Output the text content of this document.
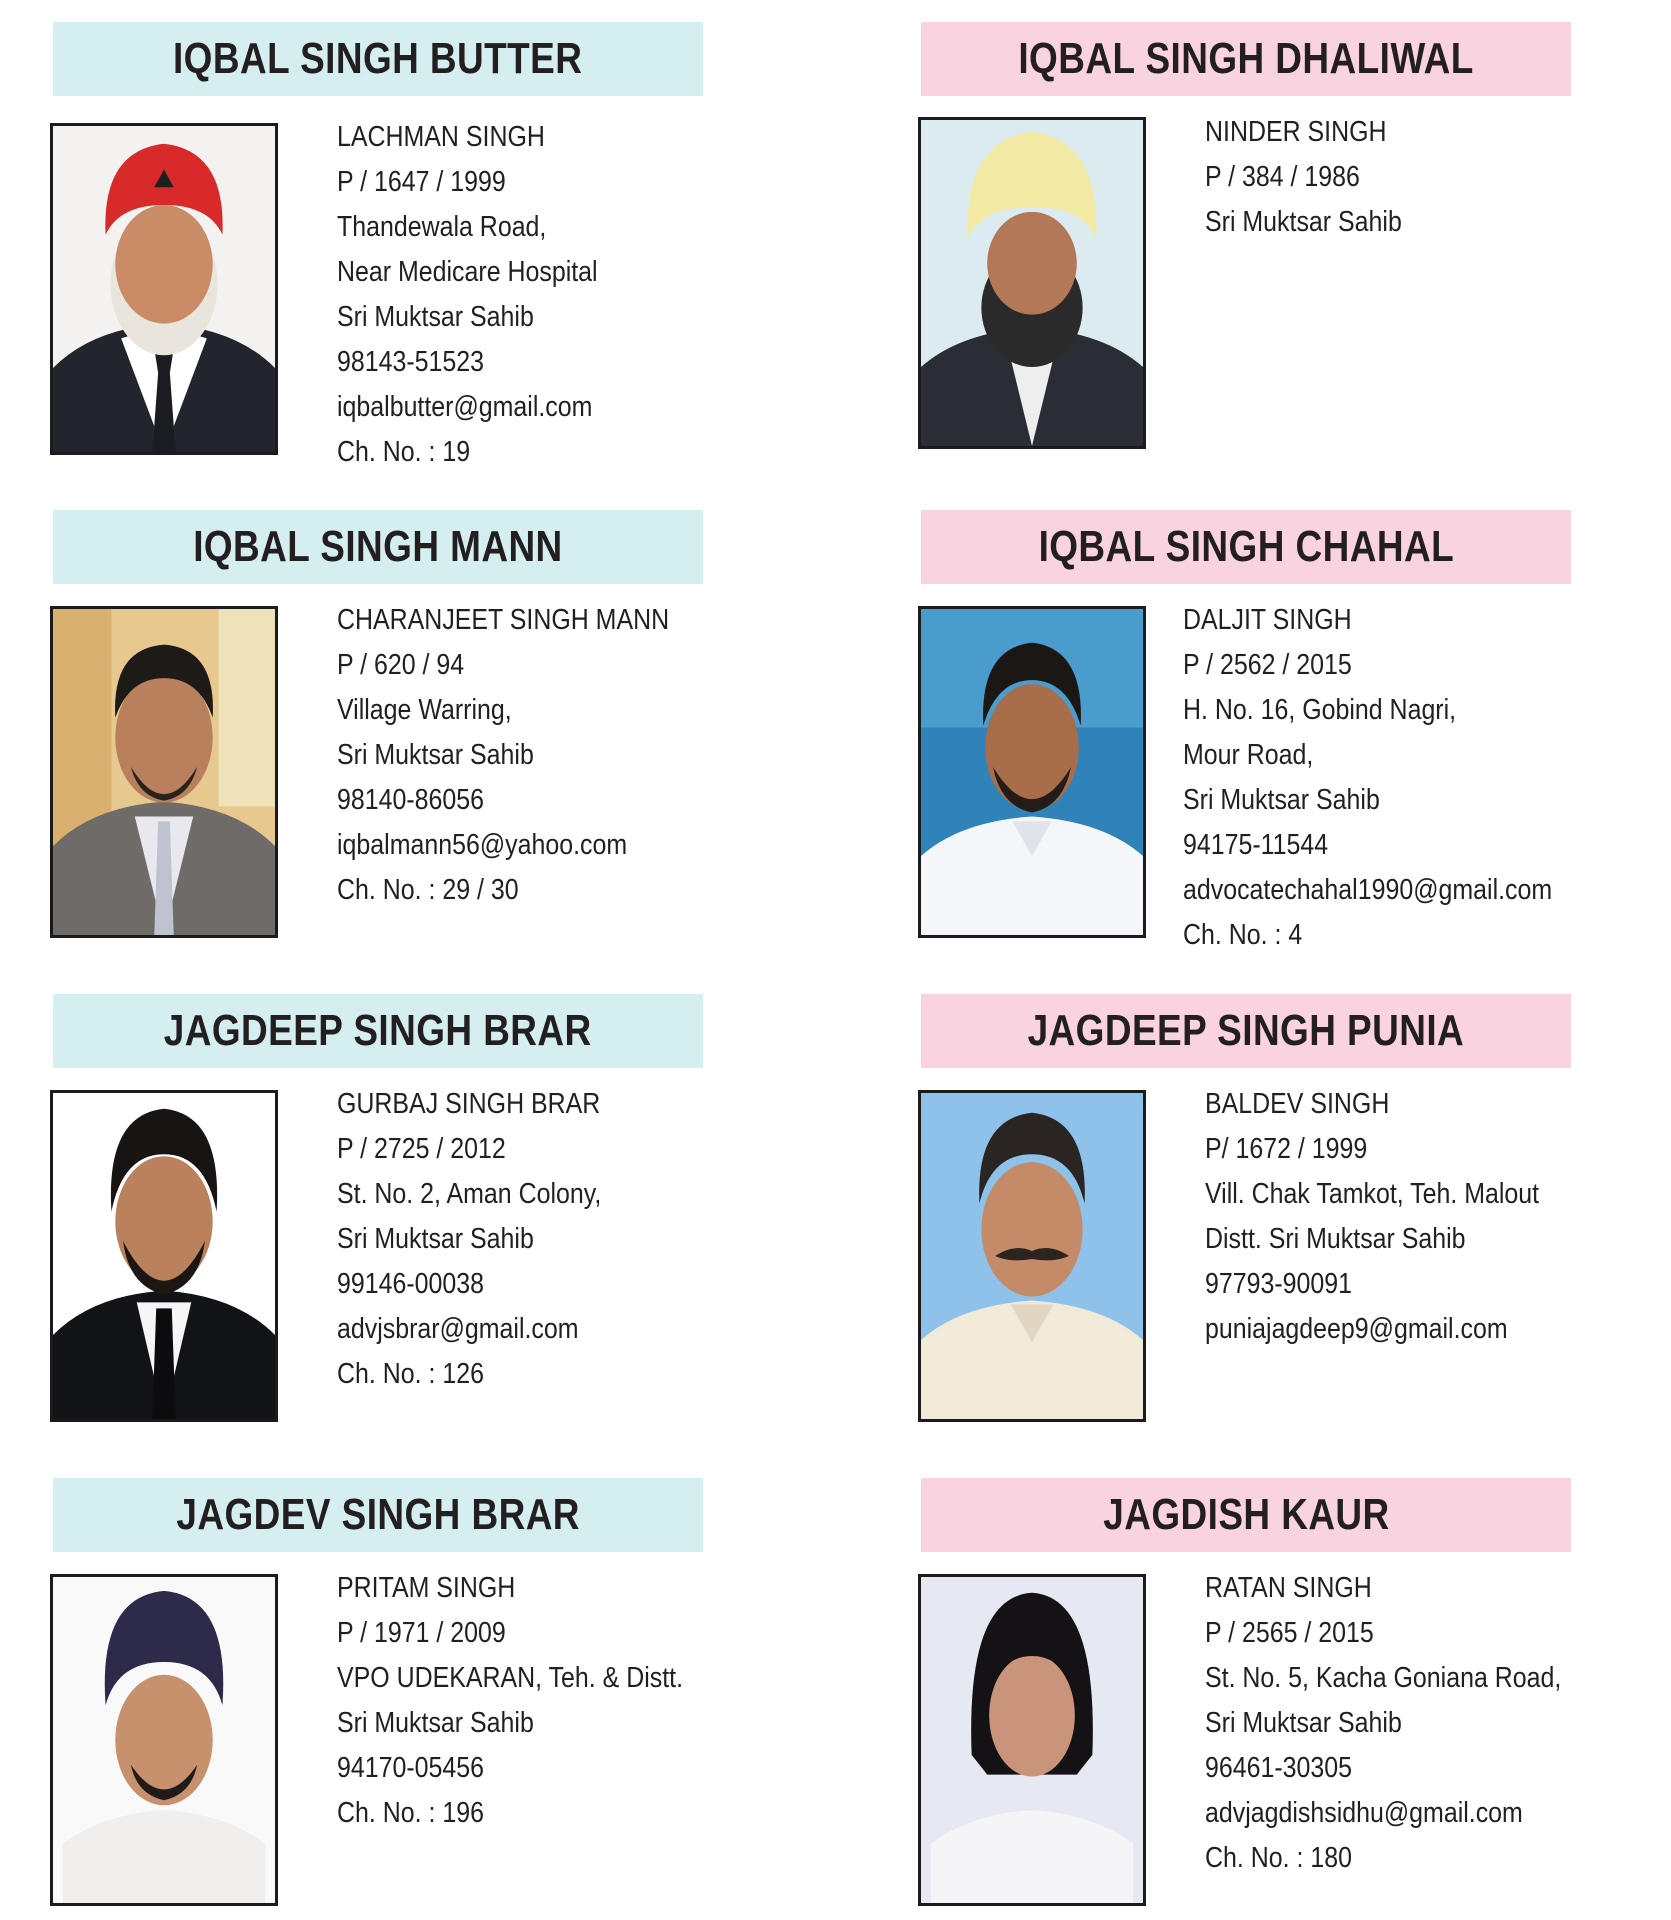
IQBAL SINGH BUTTER
LACHMAN SINGH
P / 1647 / 1999
Thandewala Road,
Near Medicare Hospital
Sri Muktsar Sahib
98143-51523
iqbalbutter@gmail.com
Ch. No. : 19
IQBAL SINGH DHALIWAL
NINDER SINGH
P / 384 / 1986
Sri Muktsar Sahib
IQBAL SINGH MANN
CHARANJEET SINGH MANN
P / 620 / 94
Village Warring,
Sri Muktsar Sahib
98140-86056
iqbalmann56@yahoo.com
Ch. No. : 29 / 30
IQBAL SINGH CHAHAL
DALJIT SINGH
P / 2562 / 2015
H. No. 16, Gobind Nagri,
Mour Road,
Sri Muktsar Sahib
94175-11544
advocatechahal1990@gmail.com
Ch. No. : 4
JAGDEEP SINGH BRAR
GURBAJ SINGH BRAR
P / 2725 / 2012
St. No. 2, Aman Colony,
Sri Muktsar Sahib
99146-00038
advjsbrar@gmail.com
Ch. No. : 126
JAGDEEP SINGH PUNIA
BALDEV SINGH
P/ 1672 / 1999
Vill. Chak Tamkot, Teh. Malout
Distt. Sri Muktsar Sahib
97793-90091
puniajagdeep9@gmail.com
JAGDEV SINGH BRAR
PRITAM SINGH
P / 1971 / 2009
VPO UDEKARAN, Teh. & Distt.
Sri Muktsar Sahib
94170-05456
Ch. No. : 196
JAGDISH KAUR
RATAN SINGH
P / 2565 / 2015
St. No. 5, Kacha Goniana Road,
Sri Muktsar Sahib
96461-30305
advjagdishsidhu@gmail.com
Ch. No. : 180
